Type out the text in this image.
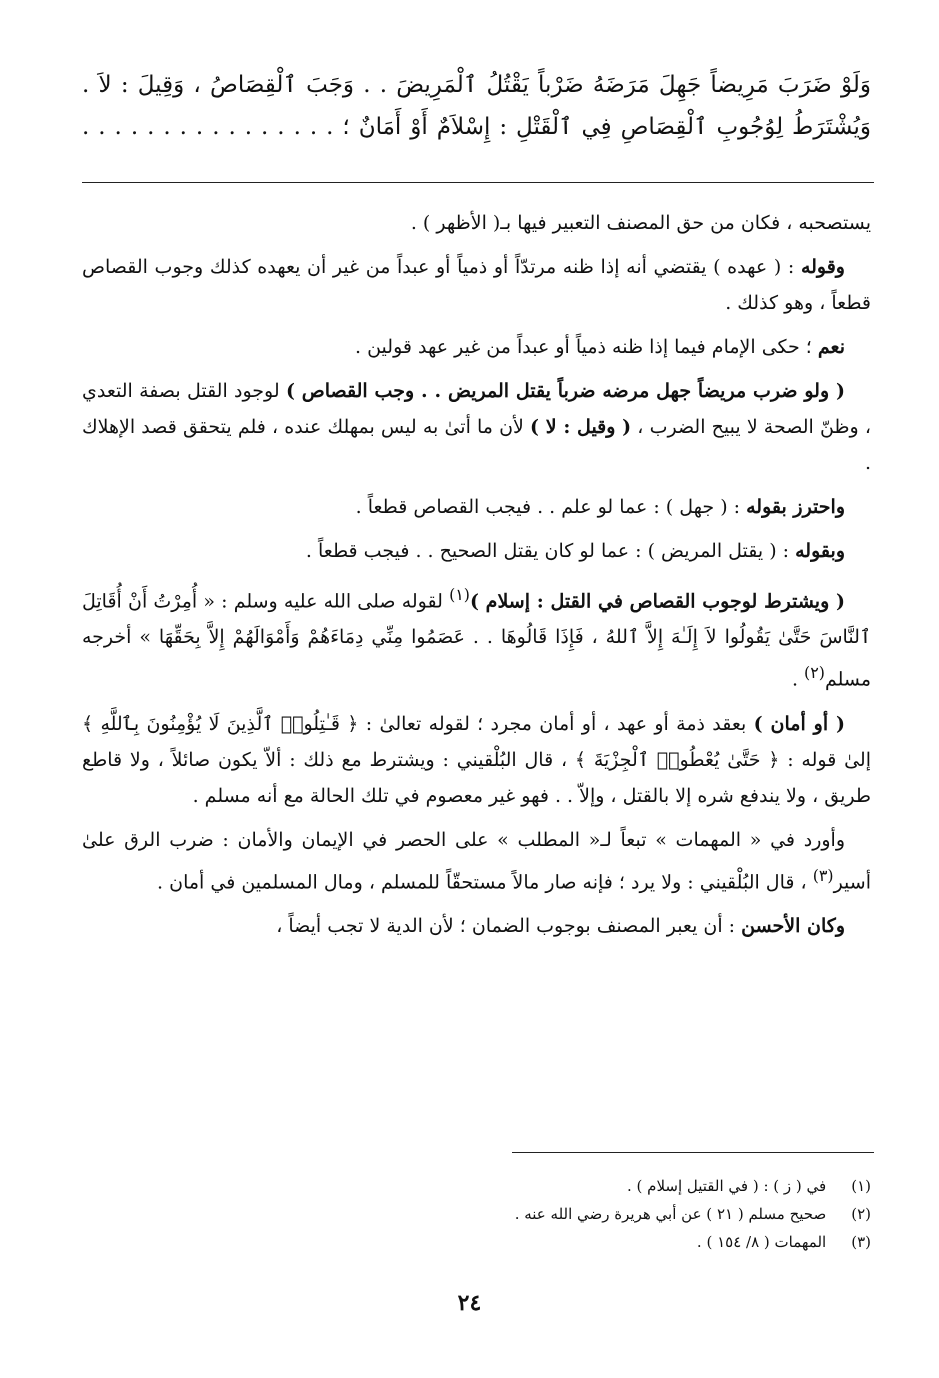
وَلَوْ ضَرَبَ مَرِيضاً جَهِلَ مَرَضَهُ ضَرْباً يَقْتُلُ ٱلْمَرِيضَ . . وَجَبَ ٱلْقِصَاصُ ، وَقِيلَ : لاَ .
وَيُشْتَرَطُ لِوُجُوبِ ٱلْقِصَاصِ فِي ٱلْقَتْلِ : إِسْلاَمٌ أَوْ أَمَانٌ ؛ . . . . . . . . . . . . . . . .

يستصحبه ، فكان من حق المصنف التعبير فيها بـ( الأظهر ) .

وقوله : ( عهده ) يقتضي أنه إذا ظنه مرتدّاً أو ذمياً أو عبداً من غير أن يعهده كذلك وجوب القصاص قطعاً ، وهو كذلك .

نعم ؛ حكى الإمام فيما إذا ظنه ذمياً أو عبداً من غير عهد قولين .

( ولو ضرب مريضاً جهل مرضه ضرباً يقتل المريض . . وجب القصاص ) لوجود القتل بصفة التعدي ، وظنّ الصحة لا يبيح الضرب ، ( وقيل : لا ) لأن ما أتىٰ به ليس بمهلك عنده ، فلم يتحقق قصد الإهلاك .

واحترز بقوله : ( جهل ) : عما لو علم . . فيجب القصاص قطعاً .

وبقوله : ( يقتل المريض ) : عما لو كان يقتل الصحيح . . فيجب قطعاً .

( ويشترط لوجوب القصاص في القتل : إسلام )$^{(١)}$ لقوله صلى الله عليه وسلم : « أُمِرْتُ أَنْ أُقَاتِلَ ٱلنَّاسَ حَتَّىٰ يَقُولُوا لاَ إِلَـٰهَ إِلاَّ ٱللهُ ، فَإِذَا قَالُوهَا . . عَصَمُوا مِنِّي دِمَاءَهُمْ وَأَمْوَالَهُمْ إِلاَّ بِحَقِّهَا » أخرجه مسلم$^{(٢)}$ .

( أو أمان ) بعقد ذمة أو عهد ، أو أمان مجرد ؛ لقوله تعالىٰ : ﴿ قَـٰتِلُوا۟ ٱلَّذِينَ لَا يُؤْمِنُونَ بِٱللَّهِ ﴾ إلىٰ قوله : ﴿ حَتَّىٰ يُعْطُوا۟ ٱلْجِزْيَةَ ﴾ ، قال البُلْقيني : ويشترط مع ذلك : ألاّ يكون صائلاً ، ولا قاطع طريق ، ولا يندفع شره إلا بالقتل ، وإلاّ . . فهو غير معصوم في تلك الحالة مع أنه مسلم .

وأورد في « المهمات » تبعاً لـ« المطلب » على الحصر في الإيمان والأمان : ضرب الرق علىٰ أسير$^{(٣)}$ ، قال البُلْقيني : ولا يرد ؛ فإنه صار مالاً مستحقّاً للمسلم ، ومال المسلمين في أمان .

وكان الأحسن : أن يعبر المصنف بوجوب الضمان ؛ لأن الدية لا تجب أيضاً ،

(١) في ( ز ) : ( في القتيل إسلام ) .
(٢) صحيح مسلم ( ٢١ ) عن أبي هريرة رضي الله عنه .
(٣) المهمات ( ٨/ ١٥٤ ) .
٢٤
